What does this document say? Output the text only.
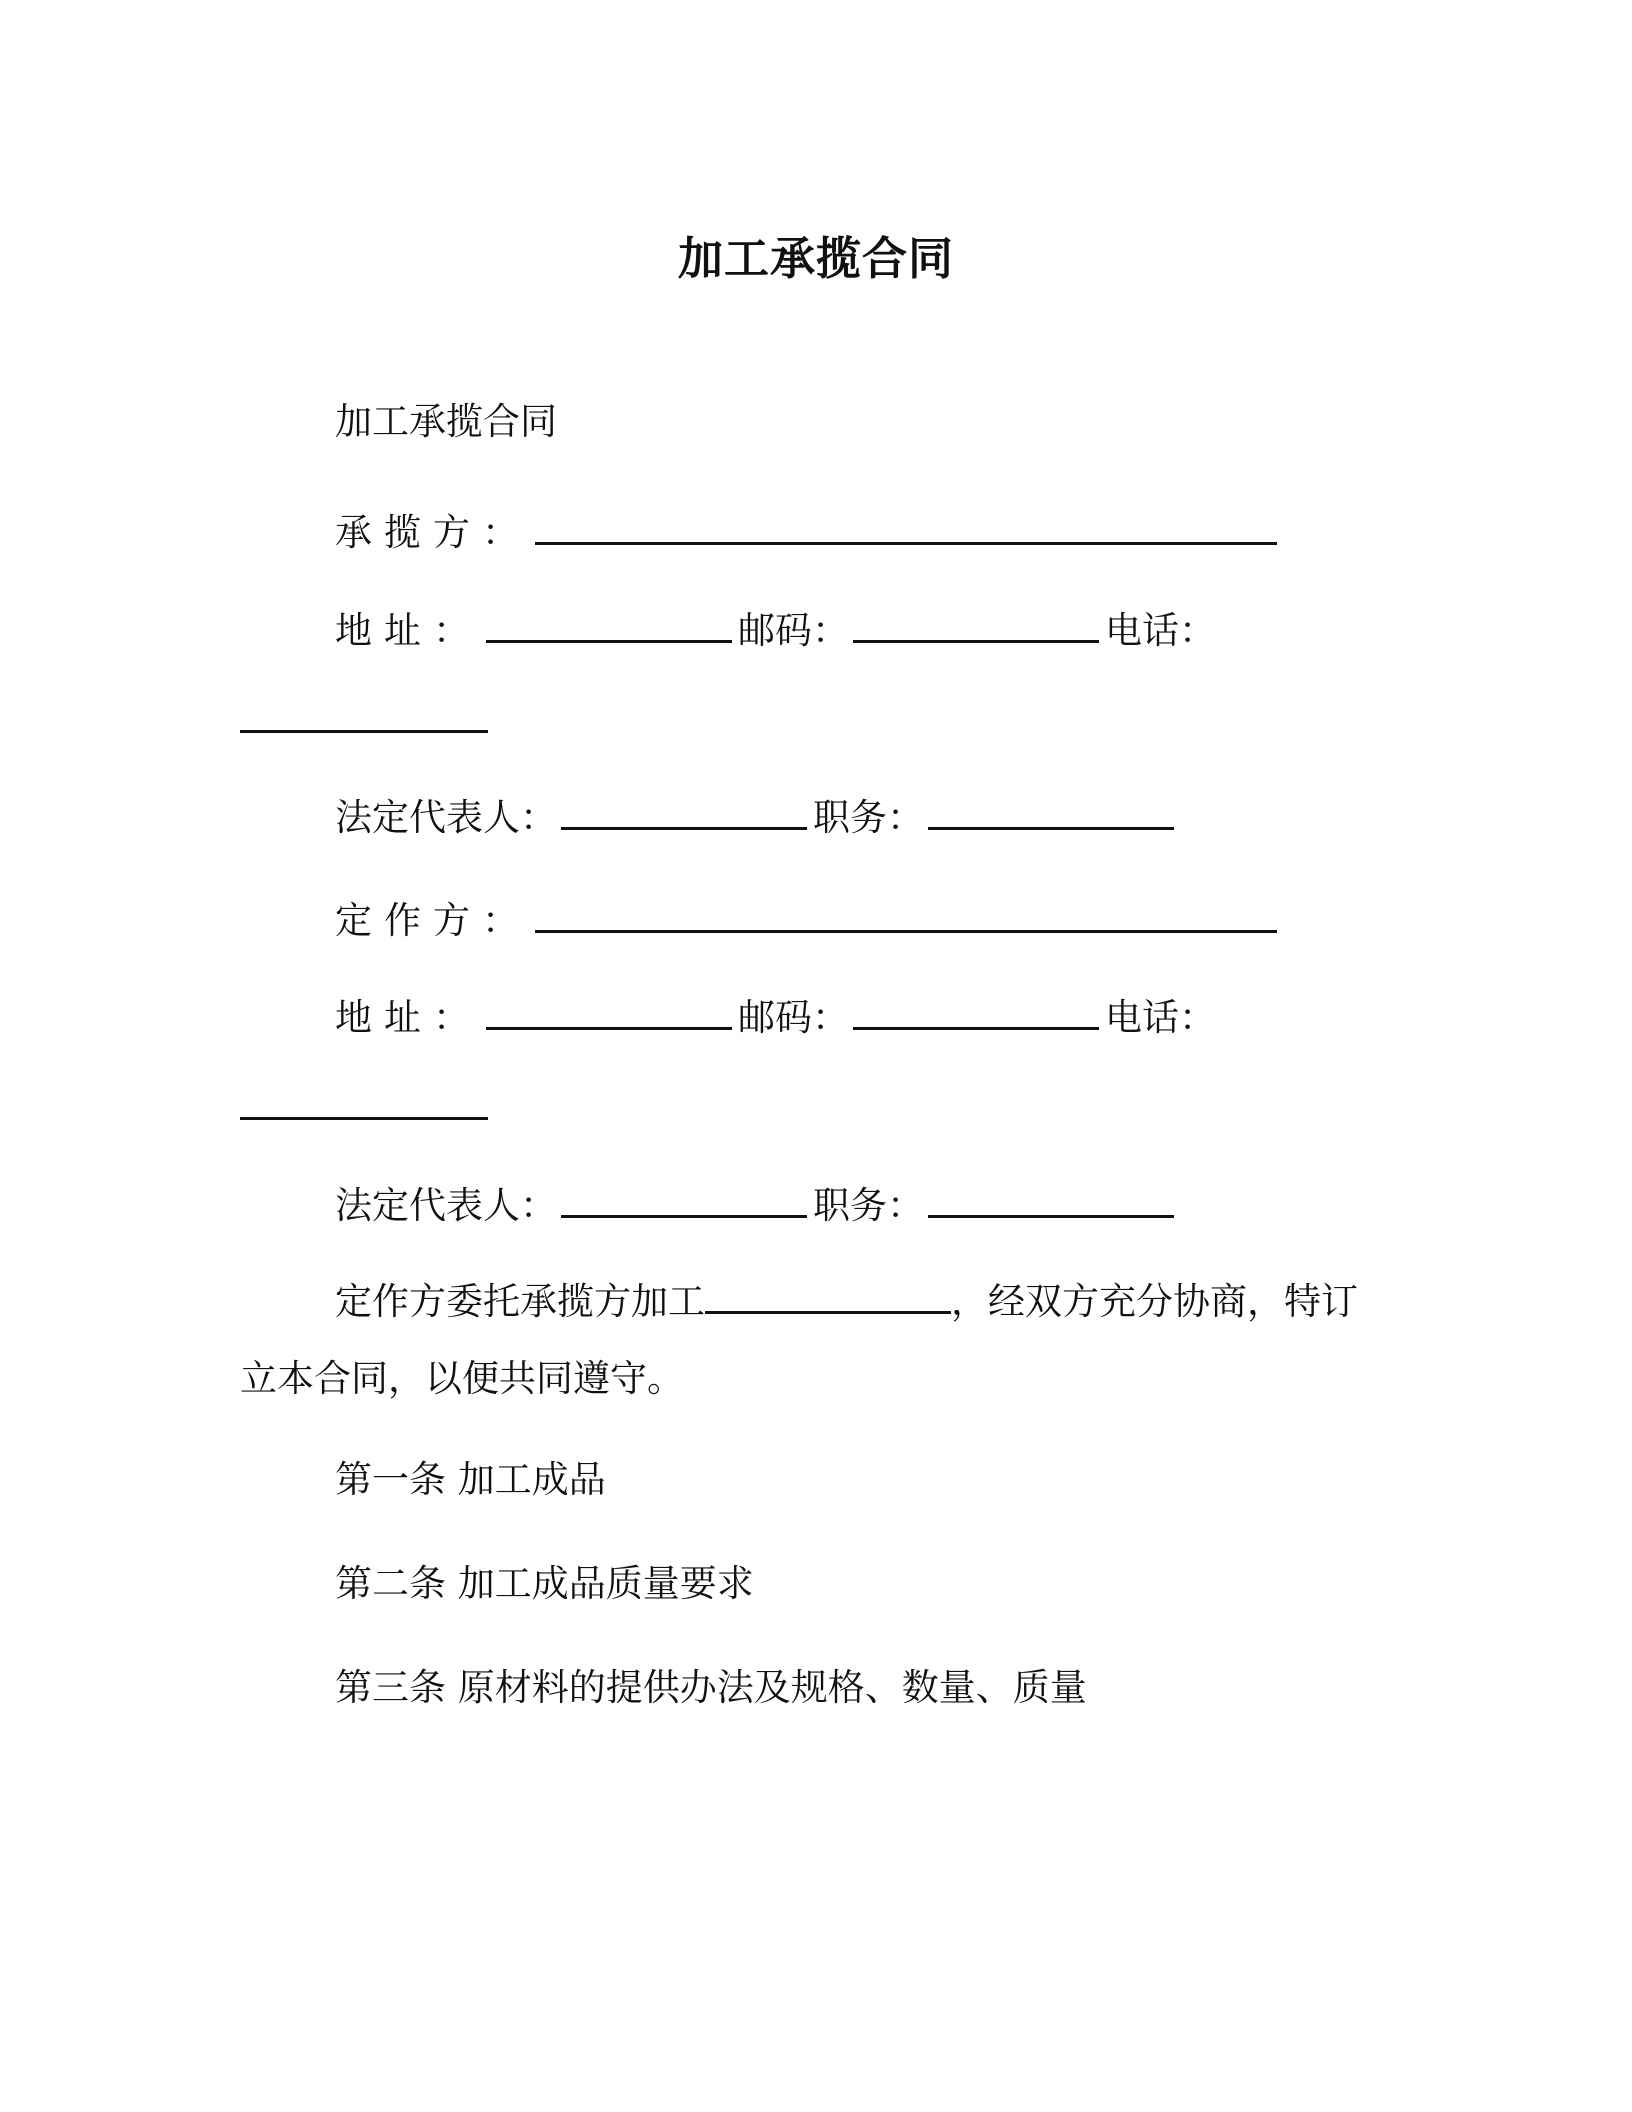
加工承揽合同
加工承揽合同
承揽方：
地址：	邮码：	电话：
法定代表人：	职务：
定作方：
地址：	邮码：	电话：
法定代表人：	职务：
定作方委托承揽方加工	，经双方充分协商，特订
立本合同，以便共同遵守。
第一条 加工成品
第二条 加工成品质量要求
第三条 原材料的提供办法及规格、数量、质量
